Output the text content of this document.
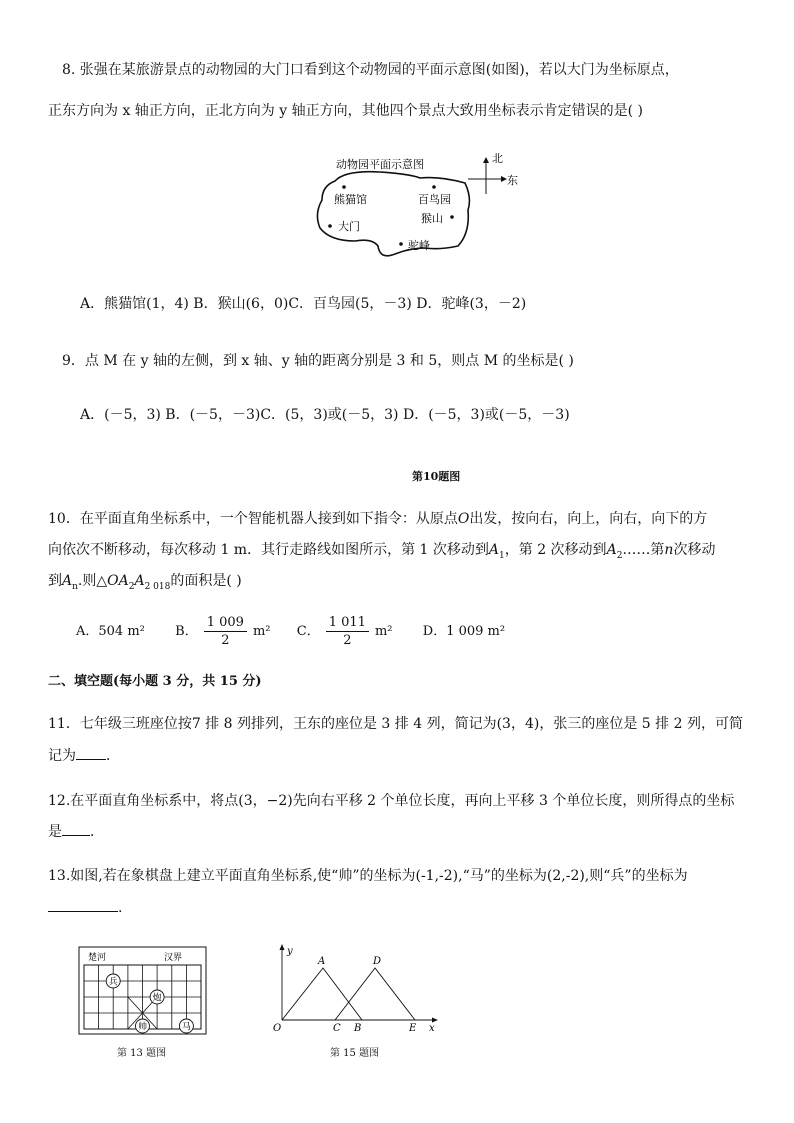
8. 张强在某旅游景点的动物园的大门口看到这个动物园的平面示意图(如图)，若以大门为坐标原点，
正东方向为 x 轴正方向，正北方向为 y 轴正方向，其他四个景点大致用坐标表示肯定错误的是( )
动物园平面示意图	北
东
熊猫馆	百鸟园
大门
猴山
驼峰
A．熊猫馆(1，4) B．猴山(6，0)C．百鸟园(5，－3) D．驼峰(3，－2)
9．点 M 在 y 轴的左侧，到 x 轴、y 轴的距离分别是 3 和 5，则点 M 的坐标是( )
A．(－5，3) B．(－5，－3)C．(5，3)或(－5，3) D．(－5，3)或(－5，－3)
第10题图
10．在平面直角坐标系中，一个智能机器人接到如下指令：从原点O出发，按向右，向上，向右，向下的方
向依次不断移动，每次移动 1 m．其行走路线如图所示，第 1 次移动到$A_1$，第 2 次移动到$A_2\dots\dots$第n次移动
到$A_n$.则$\triangle OA_2A_{2 018}$的面积是( )
A．504 m² B． $\frac{1 009}{2} m^2$ C． $\frac{1 011}{2} m^2$ D．1 009 m²
二、填空题(每小题 3 分，共 15 分)
11．七年级三班座位按7 排 8 列排列，王东的座位是 3 排 4 列，简记为(3，4)，张三的座位是 5 排 2 列，可简
记为 ．
12.在平面直角坐标系中，将点(3，−2)先向右平移 2 个单位长度，再向上平移 3 个单位长度，则所得点的坐标
是 ．
13.如图,若在象棋盘上建立平面直角坐标系,使“帅”的坐标为(-1,-2),“马”的坐标为(2,-2),则“兵”的坐标为
.
楚河	汉界
兵
炮
帅	马
第 13 题图
y
x
O
A
C B
D
E
第 15 题图
